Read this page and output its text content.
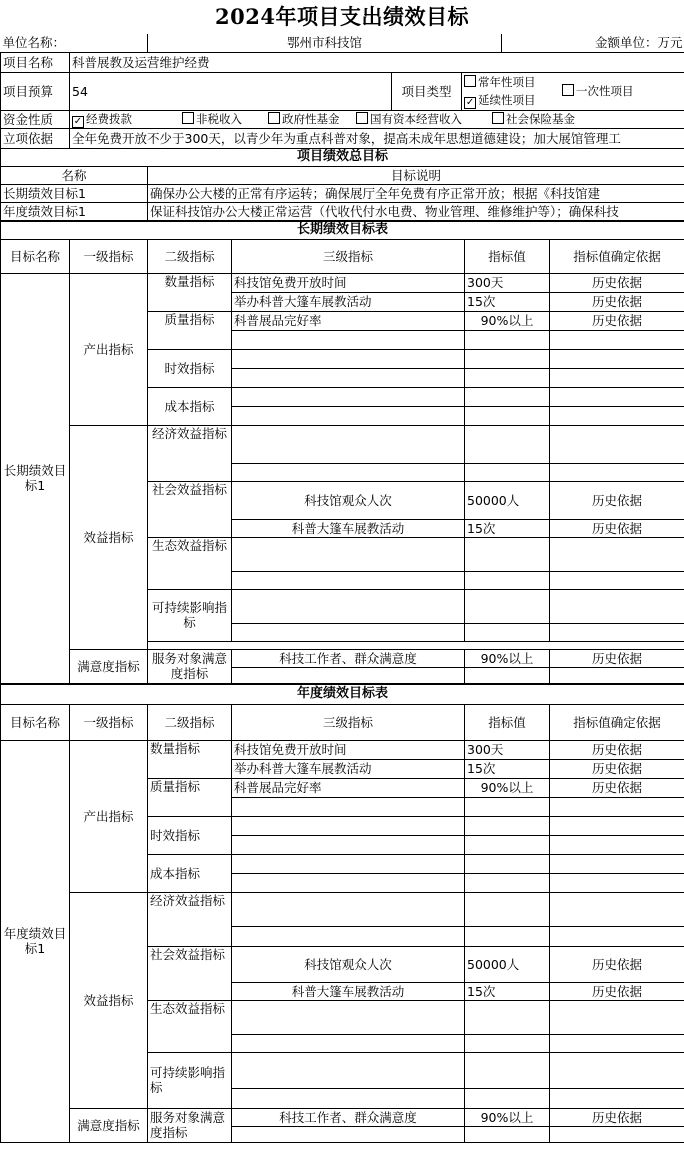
2024年项目支出绩效目标
单位名称：		鄂州市科技馆			金额单位：万元
项目名称	科普展教及运营维护经费				
项目预算	54		项目类型	常年性项目
✓ 延续性项目
一次性项目	

资金性质	✓ 经费拨款 非税收入 政府性基金 国有资本经营收入 社会保险基金				
立项依据	全年免费开放不少于300天，以青少年为重点科普对象，提高未成年思想道德建设；加大展馆管理工				
项目绩效总目标					
名称		目标说明			
长期绩效目标1		确保办公大楼的正常有序运转；确保展厅全年免费有序正常开放；根据《科技馆建			
年度绩效目标1		保证科技馆办公大楼正常运营（代收代付水电费、物业管理、维修维护等）；确保科技			
长期绩效目标表					
目标名称	一级指标	二级指标	三级指标	指标值	指标值确定依据
长期绩效目标1	产出指标	数量指标	科技馆免费开放时间	300天	历史依据
			举办科普大篷车展教活动	15次	历史依据
		质量指标	科普展品完好率	90%以上	历史依据

		时效指标			

		成本指标			

	效益指标	经济效益指标			

		社会效益指标	科技馆观众人次	50000人	历史依据
			科普大篷车展教活动	15次	历史依据
		生态效益指标			

		可持续影响指标			

	满意度指标	服务对象满意度指标	科技工作者、群众满意度	90%以上	历史依据

年度绩效目标表					
目标名称	一级指标	二级指标	三级指标	指标值	指标值确定依据
年度绩效目标1	产出指标	数量指标	科技馆免费开放时间	300天	历史依据
			举办科普大篷车展教活动	15次	历史依据
		质量指标	科普展品完好率	90%以上	历史依据

		时效指标			

		成本指标			

	效益指标	经济效益指标			

		社会效益指标	科技馆观众人次	50000人	历史依据
			科普大篷车展教活动	15次	历史依据
		生态效益指标			

		可持续影响指标			

	满意度指标	服务对象满意度指标	科技工作者、群众满意度	90%以上	历史依据
